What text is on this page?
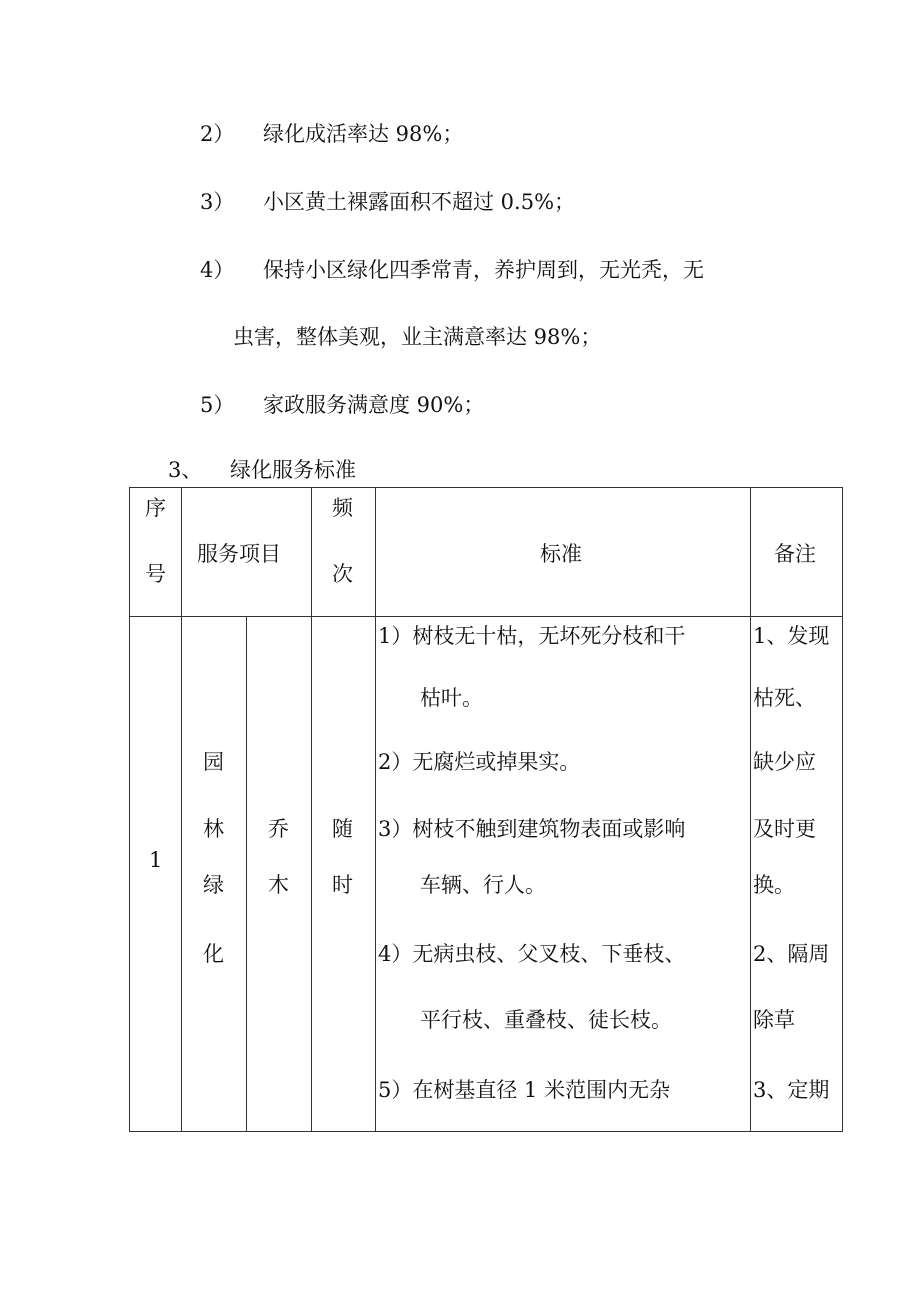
2） 绿化成活率达 98%；
3） 小区黄土裸露面积不超过 0.5%；
4） 保持小区绿化四季常青，养护周到，无光秃，无
虫害，整体美观，业主满意率达 98%；
5） 家政服务满意度 90%；
3、 绿化服务标准
序
号
服务项目
频
次
标准	备注
1
园
林
绿
化
乔
木
随
时
1）树枝无十枯，无坏死分枝和干
　　枯叶。
2）无腐烂或掉果实。
3）树枝不触到建筑物表面或影响
　　车辆、行人。
4）无病虫枝、父叉枝、下垂枝、
　　平行枝、重叠枝、徒长枝。
5）在树基直径 1 米范围内无杂
1、发现
枯死、
缺少应
及时更
换。
2、隔周
除草
3、定期
